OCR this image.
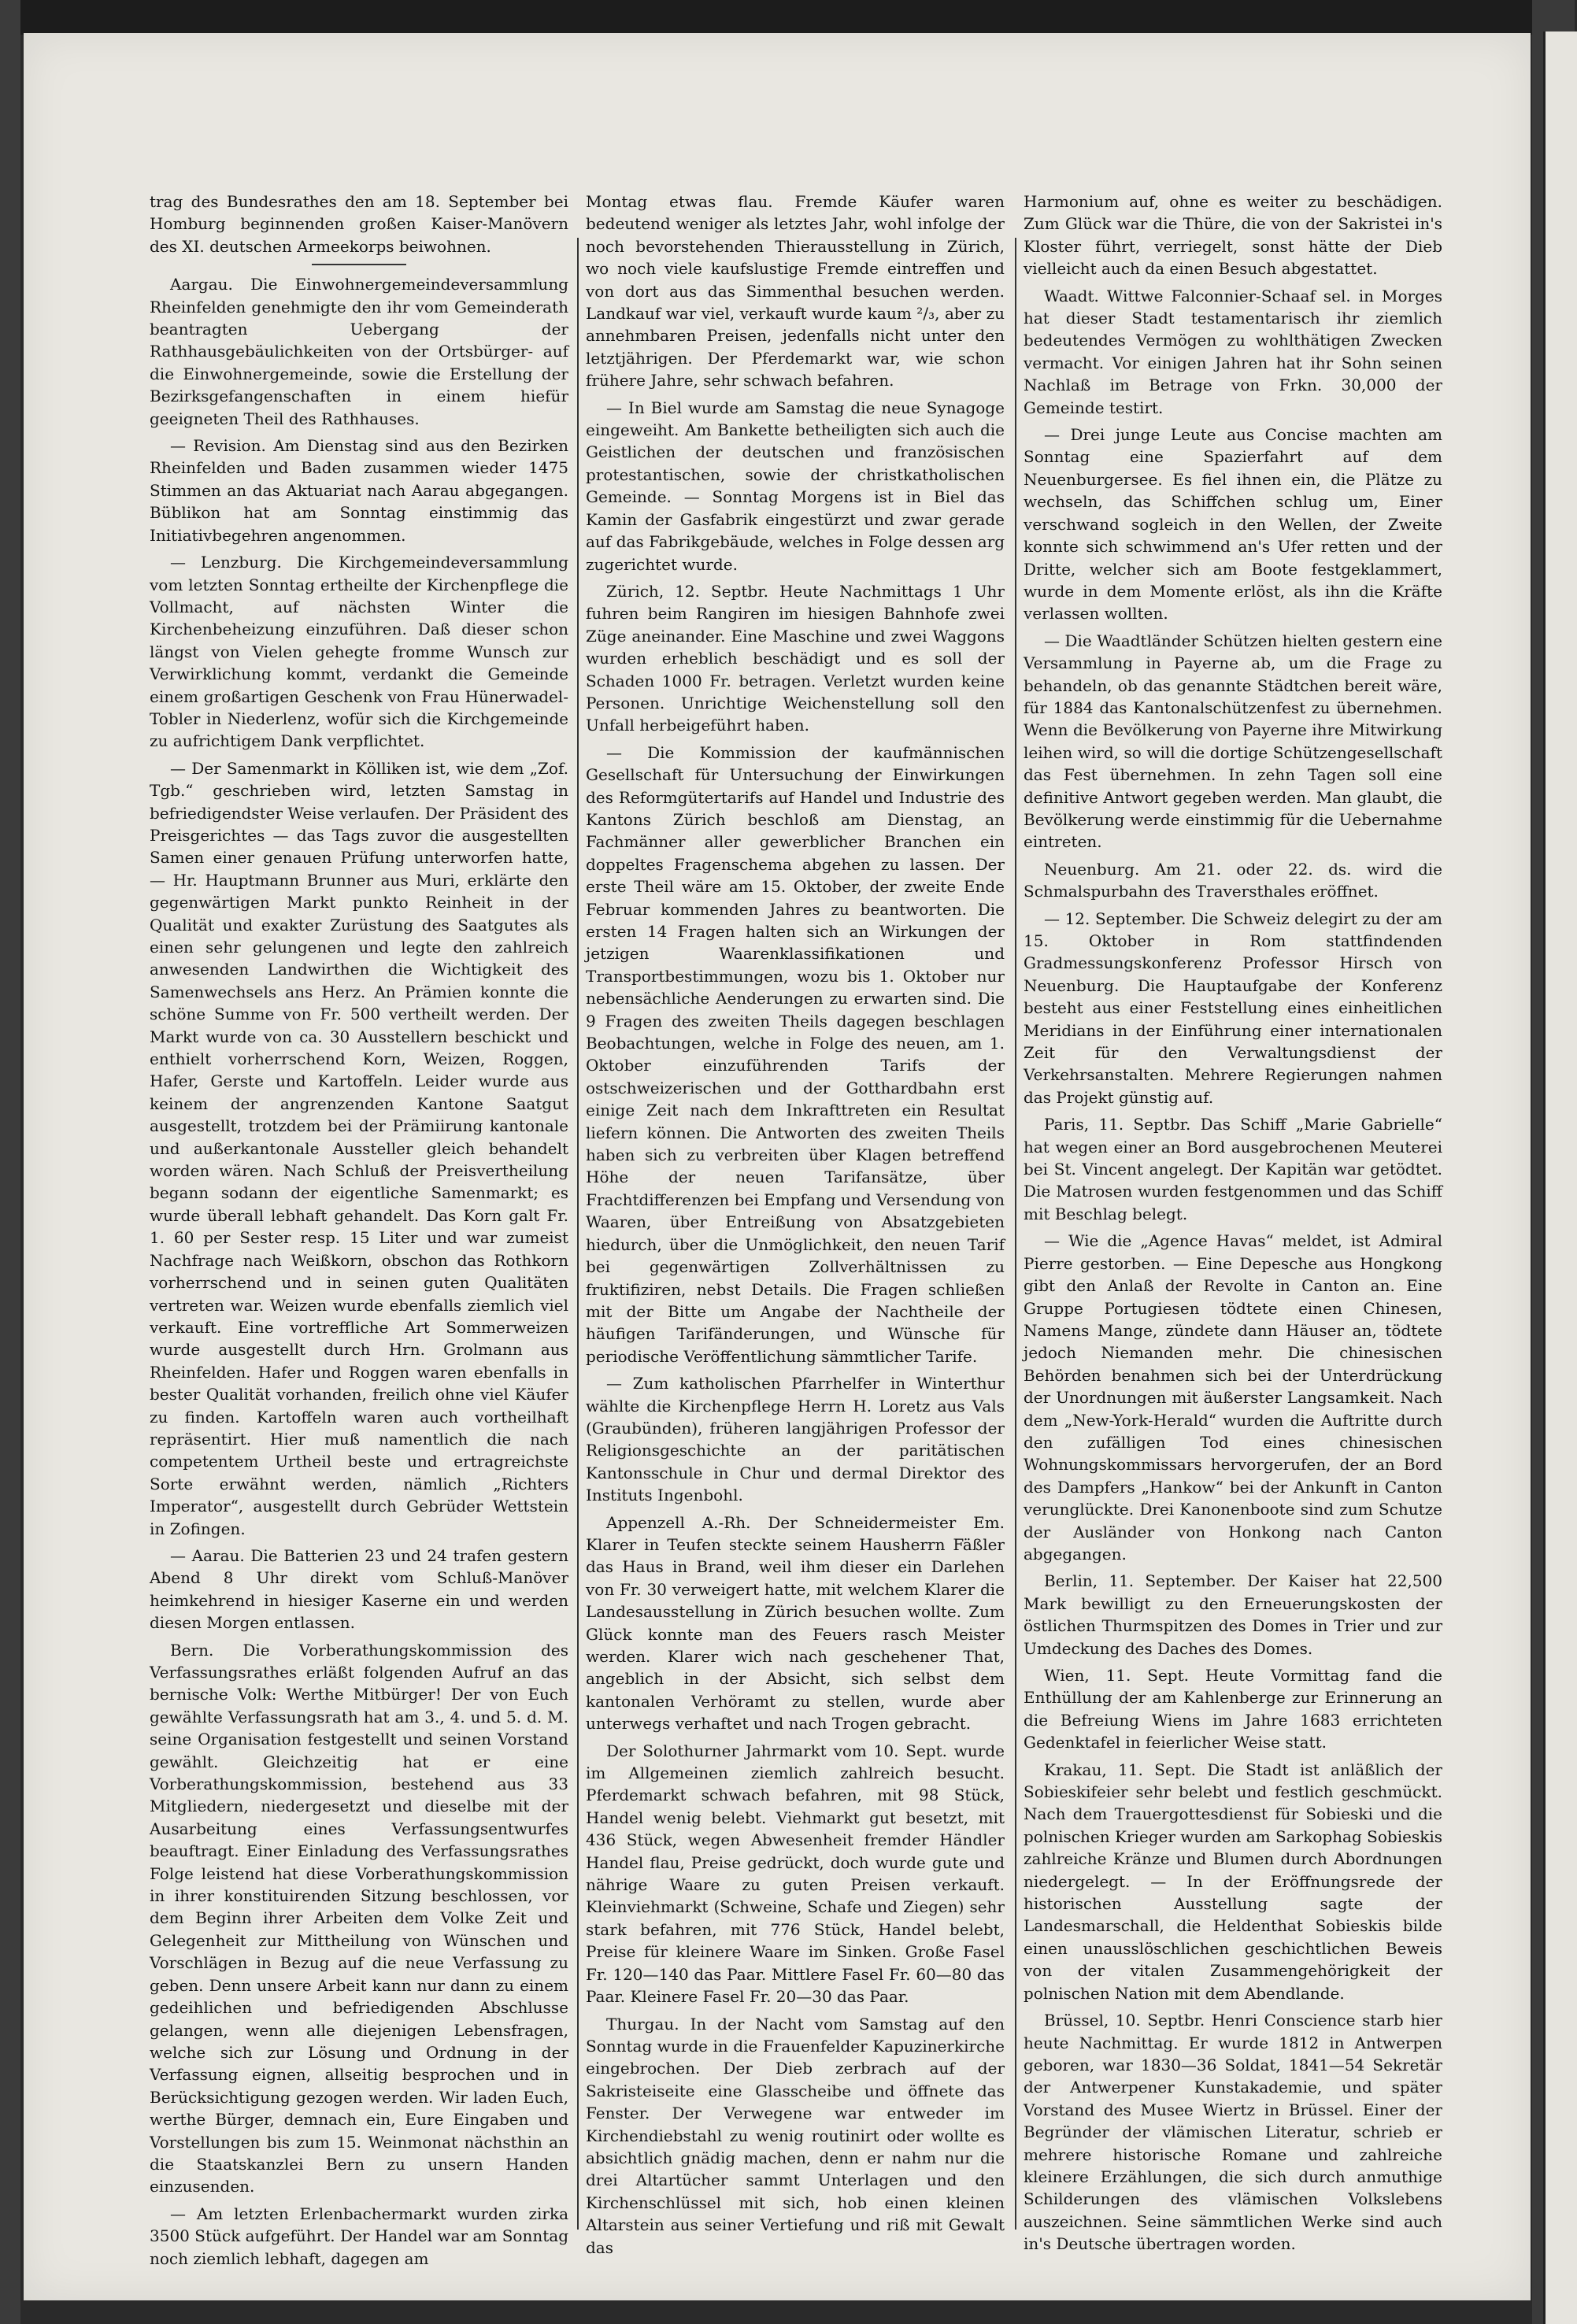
trag des Bundesrathes den am 18. September bei Homburg beginnenden großen Kaiser-Manövern des XI. deutschen Armeekorps beiwohnen.

Aargau. Die Einwohnergemeindeversammlung Rheinfelden genehmigte den ihr vom Gemeinderath beantragten Uebergang der Rathhausgebäulichkeiten von der Ortsbürger- auf die Einwohnergemeinde, sowie die Erstellung der Bezirksgefangenschaften in einem hiefür geeigneten Theil des Rathhauses.

— Revision. Am Dienstag sind aus den Bezirken Rheinfelden und Baden zusammen wieder 1475 Stimmen an das Aktuariat nach Aarau abgegangen. Büblikon hat am Sonntag einstimmig das Initiativbegehren angenommen.

— Lenzburg. Die Kirchgemeindeversammlung vom letzten Sonntag ertheilte der Kirchenpflege die Vollmacht, auf nächsten Winter die Kirchenbeheizung einzuführen. Daß dieser schon längst von Vielen gehegte fromme Wunsch zur Verwirklichung kommt, verdankt die Gemeinde einem großartigen Geschenk von Frau Hünerwadel-Tobler in Niederlenz, wofür sich die Kirchgemeinde zu aufrichtigem Dank verpflichtet.

— Der Samenmarkt in Kölliken ist, wie dem „Zof. Tgb.“ geschrieben wird, letzten Samstag in befriedigendster Weise verlaufen. Der Präsident des Preisgerichtes — das Tags zuvor die ausgestellten Samen einer genauen Prüfung unterworfen hatte, — Hr. Hauptmann Brunner aus Muri, erklärte den gegenwärtigen Markt punkto Reinheit in der Qualität und exakter Zurüstung des Saatgutes als einen sehr gelungenen und legte den zahlreich anwesenden Landwirthen die Wichtigkeit des Samenwechsels ans Herz. An Prämien konnte die schöne Summe von Fr. 500 vertheilt werden. Der Markt wurde von ca. 30 Ausstellern beschickt und enthielt vorherrschend Korn, Weizen, Roggen, Hafer, Gerste und Kartoffeln. Leider wurde aus keinem der angrenzenden Kantone Saatgut ausgestellt, trotzdem bei der Prämiirung kantonale und außerkantonale Aussteller gleich behandelt worden wären. Nach Schluß der Preisvertheilung begann sodann der eigentliche Samenmarkt; es wurde überall lebhaft gehandelt. Das Korn galt Fr. 1. 60 per Sester resp. 15 Liter und war zumeist Nachfrage nach Weißkorn, obschon das Rothkorn vorherrschend und in seinen guten Qualitäten vertreten war. Weizen wurde ebenfalls ziemlich viel verkauft. Eine vortreffliche Art Sommerweizen wurde ausgestellt durch Hrn. Grolmann aus Rheinfelden. Hafer und Roggen waren ebenfalls in bester Qualität vorhanden, freilich ohne viel Käufer zu finden. Kartoffeln waren auch vortheilhaft repräsentirt. Hier muß namentlich die nach competentem Urtheil beste und ertragreichste Sorte erwähnt werden, nämlich „Richters Imperator“, ausgestellt durch Gebrüder Wettstein in Zofingen.

— Aarau. Die Batterien 23 und 24 trafen gestern Abend 8 Uhr direkt vom Schluß-Manöver heimkehrend in hiesiger Kaserne ein und werden diesen Morgen entlassen.

Bern. Die Vorberathungskommission des Verfassungsrathes erläßt folgenden Aufruf an das bernische Volk: Werthe Mitbürger! Der von Euch gewählte Verfassungsrath hat am 3., 4. und 5. d. M. seine Organisation festgestellt und seinen Vorstand gewählt. Gleichzeitig hat er eine Vorberathungskommission, bestehend aus 33 Mitgliedern, niedergesetzt und dieselbe mit der Ausarbeitung eines Verfassungsentwurfes beauftragt. Einer Einladung des Verfassungsrathes Folge leistend hat diese Vorberathungskommission in ihrer konstituirenden Sitzung beschlossen, vor dem Beginn ihrer Arbeiten dem Volke Zeit und Gelegenheit zur Mittheilung von Wünschen und Vorschlägen in Bezug auf die neue Verfassung zu geben. Denn unsere Arbeit kann nur dann zu einem gedeihlichen und befriedigenden Abschlusse gelangen, wenn alle diejenigen Lebensfragen, welche sich zur Lösung und Ordnung in der Verfassung eignen, allseitig besprochen und in Berücksichtigung gezogen werden. Wir laden Euch, werthe Bürger, demnach ein, Eure Eingaben und Vorstellungen bis zum 15. Weinmonat nächsthin an die Staatskanzlei Bern zu unsern Handen einzusenden.

— Am letzten Erlenbachermarkt wurden zirka 3500 Stück aufgeführt. Der Handel war am Sonntag noch ziemlich lebhaft, dagegen am

Montag etwas flau. Fremde Käufer waren bedeutend weniger als letztes Jahr, wohl infolge der noch bevorstehenden Thierausstellung in Zürich, wo noch viele kaufslustige Fremde eintreffen und von dort aus das Simmenthal besuchen werden. Landkauf war viel, verkauft wurde kaum ²/₃, aber zu annehmbaren Preisen, jedenfalls nicht unter den letztjährigen. Der Pferdemarkt war, wie schon frühere Jahre, sehr schwach befahren.

— In Biel wurde am Samstag die neue Synagoge eingeweiht. Am Bankette betheiligten sich auch die Geistlichen der deutschen und französischen protestantischen, sowie der christkatholischen Gemeinde. — Sonntag Morgens ist in Biel das Kamin der Gasfabrik eingestürzt und zwar gerade auf das Fabrikgebäude, welches in Folge dessen arg zugerichtet wurde.

Zürich, 12. Septbr. Heute Nachmittags 1 Uhr fuhren beim Rangiren im hiesigen Bahnhofe zwei Züge aneinander. Eine Maschine und zwei Waggons wurden erheblich beschädigt und es soll der Schaden 1000 Fr. betragen. Verletzt wurden keine Personen. Unrichtige Weichenstellung soll den Unfall herbeigeführt haben.

— Die Kommission der kaufmännischen Gesellschaft für Untersuchung der Einwirkungen des Reformgütertarifs auf Handel und Industrie des Kantons Zürich beschloß am Dienstag, an Fachmänner aller gewerblicher Branchen ein doppeltes Fragenschema abgehen zu lassen. Der erste Theil wäre am 15. Oktober, der zweite Ende Februar kommenden Jahres zu beantworten. Die ersten 14 Fragen halten sich an Wirkungen der jetzigen Waarenklassifikationen und Transportbestimmungen, wozu bis 1. Oktober nur nebensächliche Aenderungen zu erwarten sind. Die 9 Fragen des zweiten Theils dagegen beschlagen Beobachtungen, welche in Folge des neuen, am 1. Oktober einzuführenden Tarifs der ostschweizerischen und der Gotthardbahn erst einige Zeit nach dem Inkrafttreten ein Resultat liefern können. Die Antworten des zweiten Theils haben sich zu verbreiten über Klagen betreffend Höhe der neuen Tarifansätze, über Frachtdifferenzen bei Empfang und Versendung von Waaren, über Entreißung von Absatzgebieten hiedurch, über die Unmöglichkeit, den neuen Tarif bei gegenwärtigen Zollverhältnissen zu fruktifiziren, nebst Details. Die Fragen schließen mit der Bitte um Angabe der Nachtheile der häufigen Tarifänderungen, und Wünsche für periodische Veröffentlichung sämmtlicher Tarife.

— Zum katholischen Pfarrhelfer in Winterthur wählte die Kirchenpflege Herrn H. Loretz aus Vals (Graubünden), früheren langjährigen Professor der Religionsgeschichte an der paritätischen Kantonsschule in Chur und dermal Direktor des Instituts Ingenbohl.

Appenzell A.-Rh. Der Schneidermeister Em. Klarer in Teufen steckte seinem Hausherrn Fäßler das Haus in Brand, weil ihm dieser ein Darlehen von Fr. 30 verweigert hatte, mit welchem Klarer die Landesausstellung in Zürich besuchen wollte. Zum Glück konnte man des Feuers rasch Meister werden. Klarer wich nach geschehener That, angeblich in der Absicht, sich selbst dem kantonalen Verhöramt zu stellen, wurde aber unterwegs verhaftet und nach Trogen gebracht.

Der Solothurner Jahrmarkt vom 10. Sept. wurde im Allgemeinen ziemlich zahlreich besucht. Pferdemarkt schwach befahren, mit 98 Stück, Handel wenig belebt. Viehmarkt gut besetzt, mit 436 Stück, wegen Abwesenheit fremder Händler Handel flau, Preise gedrückt, doch wurde gute und nährige Waare zu guten Preisen verkauft. Kleinviehmarkt (Schweine, Schafe und Ziegen) sehr stark befahren, mit 776 Stück, Handel belebt, Preise für kleinere Waare im Sinken. Große Fasel Fr. 120—140 das Paar. Mittlere Fasel Fr. 60—80 das Paar. Kleinere Fasel Fr. 20—30 das Paar.

Thurgau. In der Nacht vom Samstag auf den Sonntag wurde in die Frauenfelder Kapuzinerkirche eingebrochen. Der Dieb zerbrach auf der Sakristeiseite eine Glasscheibe und öffnete das Fenster. Der Verwegene war entweder im Kirchendiebstahl zu wenig routinirt oder wollte es absichtlich gnädig machen, denn er nahm nur die drei Altartücher sammt Unterlagen und den Kirchenschlüssel mit sich, hob einen kleinen Altarstein aus seiner Vertiefung und riß mit Gewalt das

Harmonium auf, ohne es weiter zu beschädigen. Zum Glück war die Thüre, die von der Sakristei in's Kloster führt, verriegelt, sonst hätte der Dieb vielleicht auch da einen Besuch abgestattet.

Waadt. Wittwe Falconnier-Schaaf sel. in Morges hat dieser Stadt testamentarisch ihr ziemlich bedeutendes Vermögen zu wohlthätigen Zwecken vermacht. Vor einigen Jahren hat ihr Sohn seinen Nachlaß im Betrage von Frkn. 30,000 der Gemeinde testirt.

— Drei junge Leute aus Concise machten am Sonntag eine Spazierfahrt auf dem Neuenburgersee. Es fiel ihnen ein, die Plätze zu wechseln, das Schiffchen schlug um, Einer verschwand sogleich in den Wellen, der Zweite konnte sich schwimmend an's Ufer retten und der Dritte, welcher sich am Boote festgeklammert, wurde in dem Momente erlöst, als ihn die Kräfte verlassen wollten.

— Die Waadtländer Schützen hielten gestern eine Versammlung in Payerne ab, um die Frage zu behandeln, ob das genannte Städtchen bereit wäre, für 1884 das Kantonalschützenfest zu übernehmen. Wenn die Bevölkerung von Payerne ihre Mitwirkung leihen wird, so will die dortige Schützengesellschaft das Fest übernehmen. In zehn Tagen soll eine definitive Antwort gegeben werden. Man glaubt, die Bevölkerung werde einstimmig für die Uebernahme eintreten.

Neuenburg. Am 21. oder 22. ds. wird die Schmalspurbahn des Traversthales eröffnet.

— 12. September. Die Schweiz delegirt zu der am 15. Oktober in Rom stattfindenden Gradmessungskonferenz Professor Hirsch von Neuenburg. Die Hauptaufgabe der Konferenz besteht aus einer Feststellung eines einheitlichen Meridians in der Einführung einer internationalen Zeit für den Verwaltungsdienst der Verkehrsanstalten. Mehrere Regierungen nahmen das Projekt günstig auf.

Paris, 11. Septbr. Das Schiff „Marie Gabrielle“ hat wegen einer an Bord ausgebrochenen Meuterei bei St. Vincent angelegt. Der Kapitän war getödtet. Die Matrosen wurden festgenommen und das Schiff mit Beschlag belegt.

— Wie die „Agence Havas“ meldet, ist Admiral Pierre gestorben. — Eine Depesche aus Hongkong gibt den Anlaß der Revolte in Canton an. Eine Gruppe Portugiesen tödtete einen Chinesen, Namens Mange, zündete dann Häuser an, tödtete jedoch Niemanden mehr. Die chinesischen Behörden benahmen sich bei der Unterdrückung der Unordnungen mit äußerster Langsamkeit. Nach dem „New-York-Herald“ wurden die Auftritte durch den zufälligen Tod eines chinesischen Wohnungskommissars hervorgerufen, der an Bord des Dampfers „Hankow“ bei der Ankunft in Canton verunglückte. Drei Kanonenboote sind zum Schutze der Ausländer von Honkong nach Canton abgegangen.

Berlin, 11. September. Der Kaiser hat 22,500 Mark bewilligt zu den Erneuerungskosten der östlichen Thurmspitzen des Domes in Trier und zur Umdeckung des Daches des Domes.

Wien, 11. Sept. Heute Vormittag fand die Enthüllung der am Kahlenberge zur Erinnerung an die Befreiung Wiens im Jahre 1683 errichteten Gedenktafel in feierlicher Weise statt.

Krakau, 11. Sept. Die Stadt ist anläßlich der Sobieskifeier sehr belebt und festlich geschmückt. Nach dem Trauergottesdienst für Sobieski und die polnischen Krieger wurden am Sarkophag Sobieskis zahlreiche Kränze und Blumen durch Abordnungen niedergelegt. — In der Eröffnungsrede der historischen Ausstellung sagte der Landesmarschall, die Heldenthat Sobieskis bilde einen unausslöschlichen geschichtlichen Beweis von der vitalen Zusammengehörigkeit der polnischen Nation mit dem Abendlande.

Brüssel, 10. Septbr. Henri Conscience starb hier heute Nachmittag. Er wurde 1812 in Antwerpen geboren, war 1830—36 Soldat, 1841—54 Sekretär der Antwerpener Kunstakademie, und später Vorstand des Musee Wiertz in Brüssel. Einer der Begründer der vlämischen Literatur, schrieb er mehrere historische Romane und zahlreiche kleinere Erzählungen, die sich durch anmuthige Schilderungen des vlämischen Volkslebens auszeichnen. Seine sämmtlichen Werke sind auch in's Deutsche übertragen worden.
